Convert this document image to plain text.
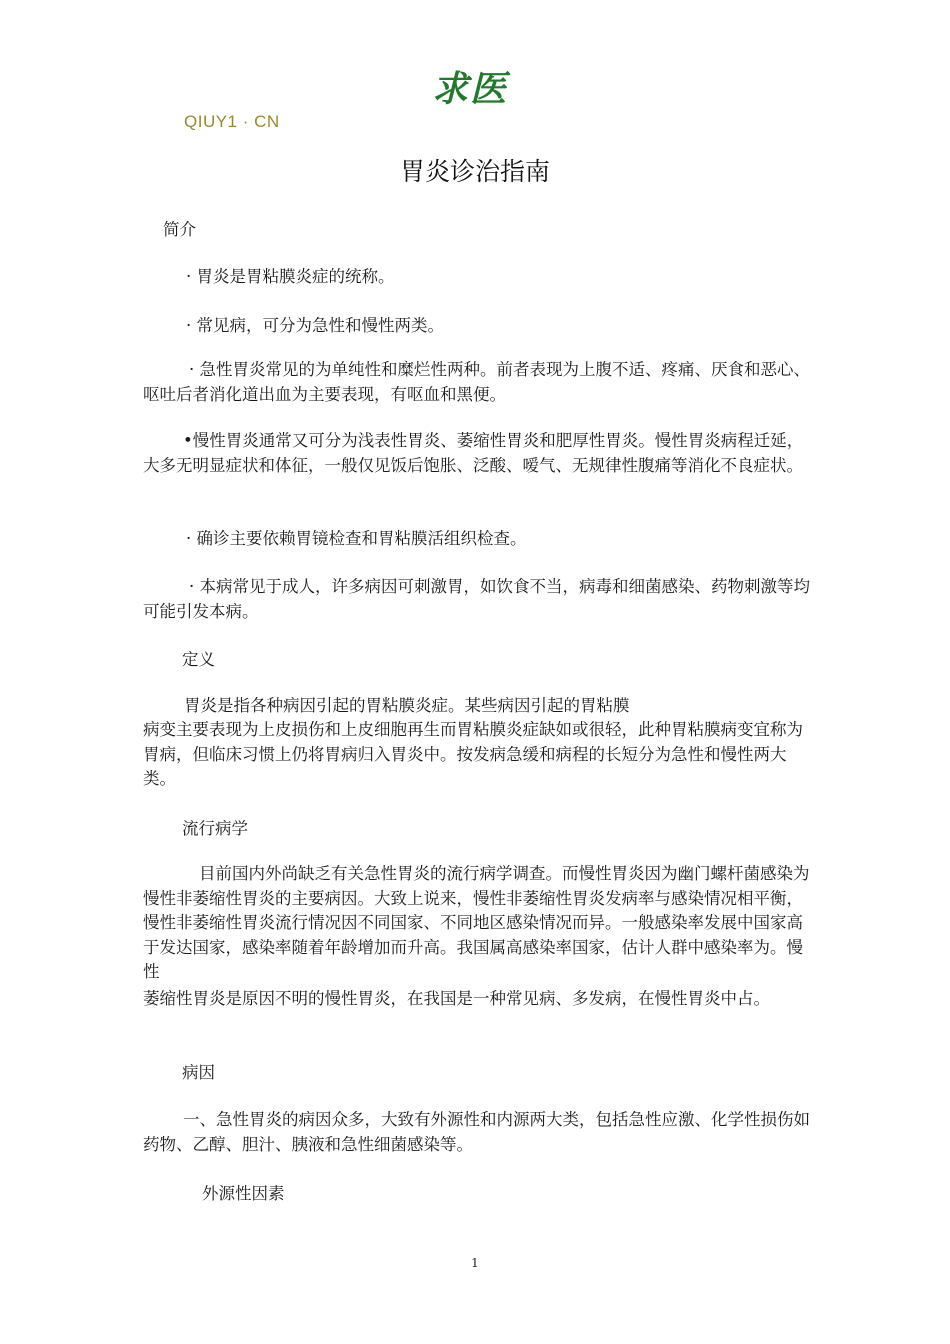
求医
QIUY1 · CN
胃炎诊治指南
简介

· 胃炎是胃粘膜炎症的统称。

· 常见病，可分为急性和慢性两类。

· 急性胃炎常见的为单纯性和糜烂性两种。前者表现为上腹不适、疼痛、厌食和恶心、呕吐后者消化道出血为主要表现，有呕血和黑便。

•慢性胃炎通常又可分为浅表性胃炎、萎缩性胃炎和肥厚性胃炎。慢性胃炎病程迁延，大多无明显症状和体征，一般仅见饭后饱胀、泛酸、嗳气、无规律性腹痛等消化不良症状。

· 确诊主要依赖胃镜检查和胃粘膜活组织检查。

· 本病常见于成人，许多病因可刺激胃，如饮食不当，病毒和细菌感染、药物刺激等均可能引发本病。

定义

胃炎是指各种病因引起的胃粘膜炎症。某些病因引起的胃粘膜

病变主要表现为上皮损伤和上皮细胞再生而胃粘膜炎症缺如或很轻，此种胃粘膜病变宜称为胃病，但临床习惯上仍将胃病归入胃炎中。按发病急缓和病程的长短分为急性和慢性两大类。

流行病学

目前国内外尚缺乏有关急性胃炎的流行病学调查。而慢性胃炎因为幽门螺杆菌感染为慢性非萎缩性胃炎的主要病因。大致上说来，慢性非萎缩性胃炎发病率与感染情况相平衡，慢性非萎缩性胃炎流行情况因不同国家、不同地区感染情况而异。一般感染率发展中国家高于发达国家，感染率随着年龄增加而升高。我国属高感染率国家，估计人群中感染率为。慢性

萎缩性胃炎是原因不明的慢性胃炎，在我国是一种常见病、多发病，在慢性胃炎中占。

病因

一、急性胃炎的病因众多，大致有外源性和内源两大类，包括急性应激、化学性损伤如药物、乙醇、胆汁、胰液和急性细菌感染等。

外源性因素
1
